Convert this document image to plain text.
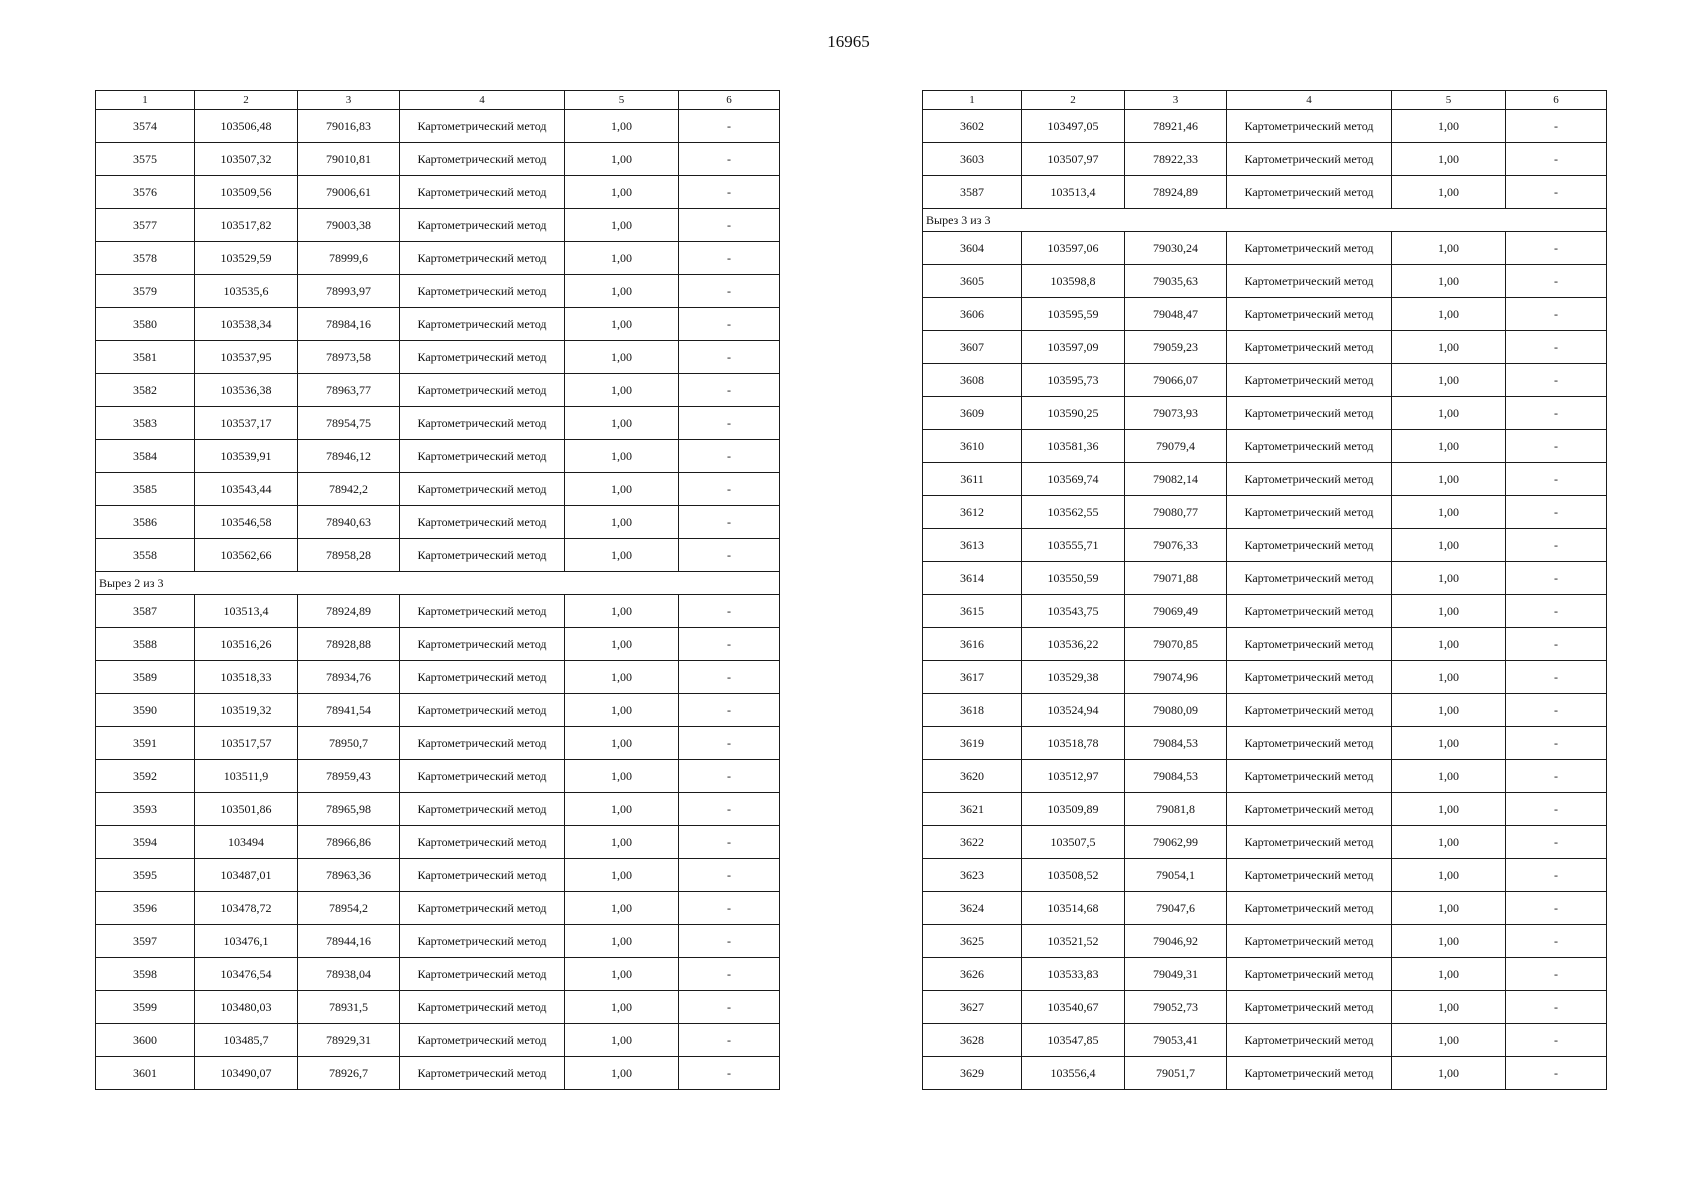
16965
1	2	3	4	5	6
3574	103506,48	79016,83	Картометрический метод	1,00	-
3575	103507,32	79010,81	Картометрический метод	1,00	-
3576	103509,56	79006,61	Картометрический метод	1,00	-
3577	103517,82	79003,38	Картометрический метод	1,00	-
3578	103529,59	78999,6	Картометрический метод	1,00	-
3579	103535,6	78993,97	Картометрический метод	1,00	-
3580	103538,34	78984,16	Картометрический метод	1,00	-
3581	103537,95	78973,58	Картометрический метод	1,00	-
3582	103536,38	78963,77	Картометрический метод	1,00	-
3583	103537,17	78954,75	Картометрический метод	1,00	-
3584	103539,91	78946,12	Картометрический метод	1,00	-
3585	103543,44	78942,2	Картометрический метод	1,00	-
3586	103546,58	78940,63	Картометрический метод	1,00	-
3558	103562,66	78958,28	Картометрический метод	1,00	-
Вырез 2 из 3					
3587	103513,4	78924,89	Картометрический метод	1,00	-
3588	103516,26	78928,88	Картометрический метод	1,00	-
3589	103518,33	78934,76	Картометрический метод	1,00	-
3590	103519,32	78941,54	Картометрический метод	1,00	-
3591	103517,57	78950,7	Картометрический метод	1,00	-
3592	103511,9	78959,43	Картометрический метод	1,00	-
3593	103501,86	78965,98	Картометрический метод	1,00	-
3594	103494	78966,86	Картометрический метод	1,00	-
3595	103487,01	78963,36	Картометрический метод	1,00	-
3596	103478,72	78954,2	Картометрический метод	1,00	-
3597	103476,1	78944,16	Картометрический метод	1,00	-
3598	103476,54	78938,04	Картометрический метод	1,00	-
3599	103480,03	78931,5	Картометрический метод	1,00	-
3600	103485,7	78929,31	Картометрический метод	1,00	-
3601	103490,07	78926,7	Картометрический метод	1,00	-
1	2	3	4	5	6
3602	103497,05	78921,46	Картометрический метод	1,00	-
3603	103507,97	78922,33	Картометрический метод	1,00	-
3587	103513,4	78924,89	Картометрический метод	1,00	-
Вырез 3 из 3					
3604	103597,06	79030,24	Картометрический метод	1,00	-
3605	103598,8	79035,63	Картометрический метод	1,00	-
3606	103595,59	79048,47	Картометрический метод	1,00	-
3607	103597,09	79059,23	Картометрический метод	1,00	-
3608	103595,73	79066,07	Картометрический метод	1,00	-
3609	103590,25	79073,93	Картометрический метод	1,00	-
3610	103581,36	79079,4	Картометрический метод	1,00	-
3611	103569,74	79082,14	Картометрический метод	1,00	-
3612	103562,55	79080,77	Картометрический метод	1,00	-
3613	103555,71	79076,33	Картометрический метод	1,00	-
3614	103550,59	79071,88	Картометрический метод	1,00	-
3615	103543,75	79069,49	Картометрический метод	1,00	-
3616	103536,22	79070,85	Картометрический метод	1,00	-
3617	103529,38	79074,96	Картометрический метод	1,00	-
3618	103524,94	79080,09	Картометрический метод	1,00	-
3619	103518,78	79084,53	Картометрический метод	1,00	-
3620	103512,97	79084,53	Картометрический метод	1,00	-
3621	103509,89	79081,8	Картометрический метод	1,00	-
3622	103507,5	79062,99	Картометрический метод	1,00	-
3623	103508,52	79054,1	Картометрический метод	1,00	-
3624	103514,68	79047,6	Картометрический метод	1,00	-
3625	103521,52	79046,92	Картометрический метод	1,00	-
3626	103533,83	79049,31	Картометрический метод	1,00	-
3627	103540,67	79052,73	Картометрический метод	1,00	-
3628	103547,85	79053,41	Картометрический метод	1,00	-
3629	103556,4	79051,7	Картометрический метод	1,00	-
